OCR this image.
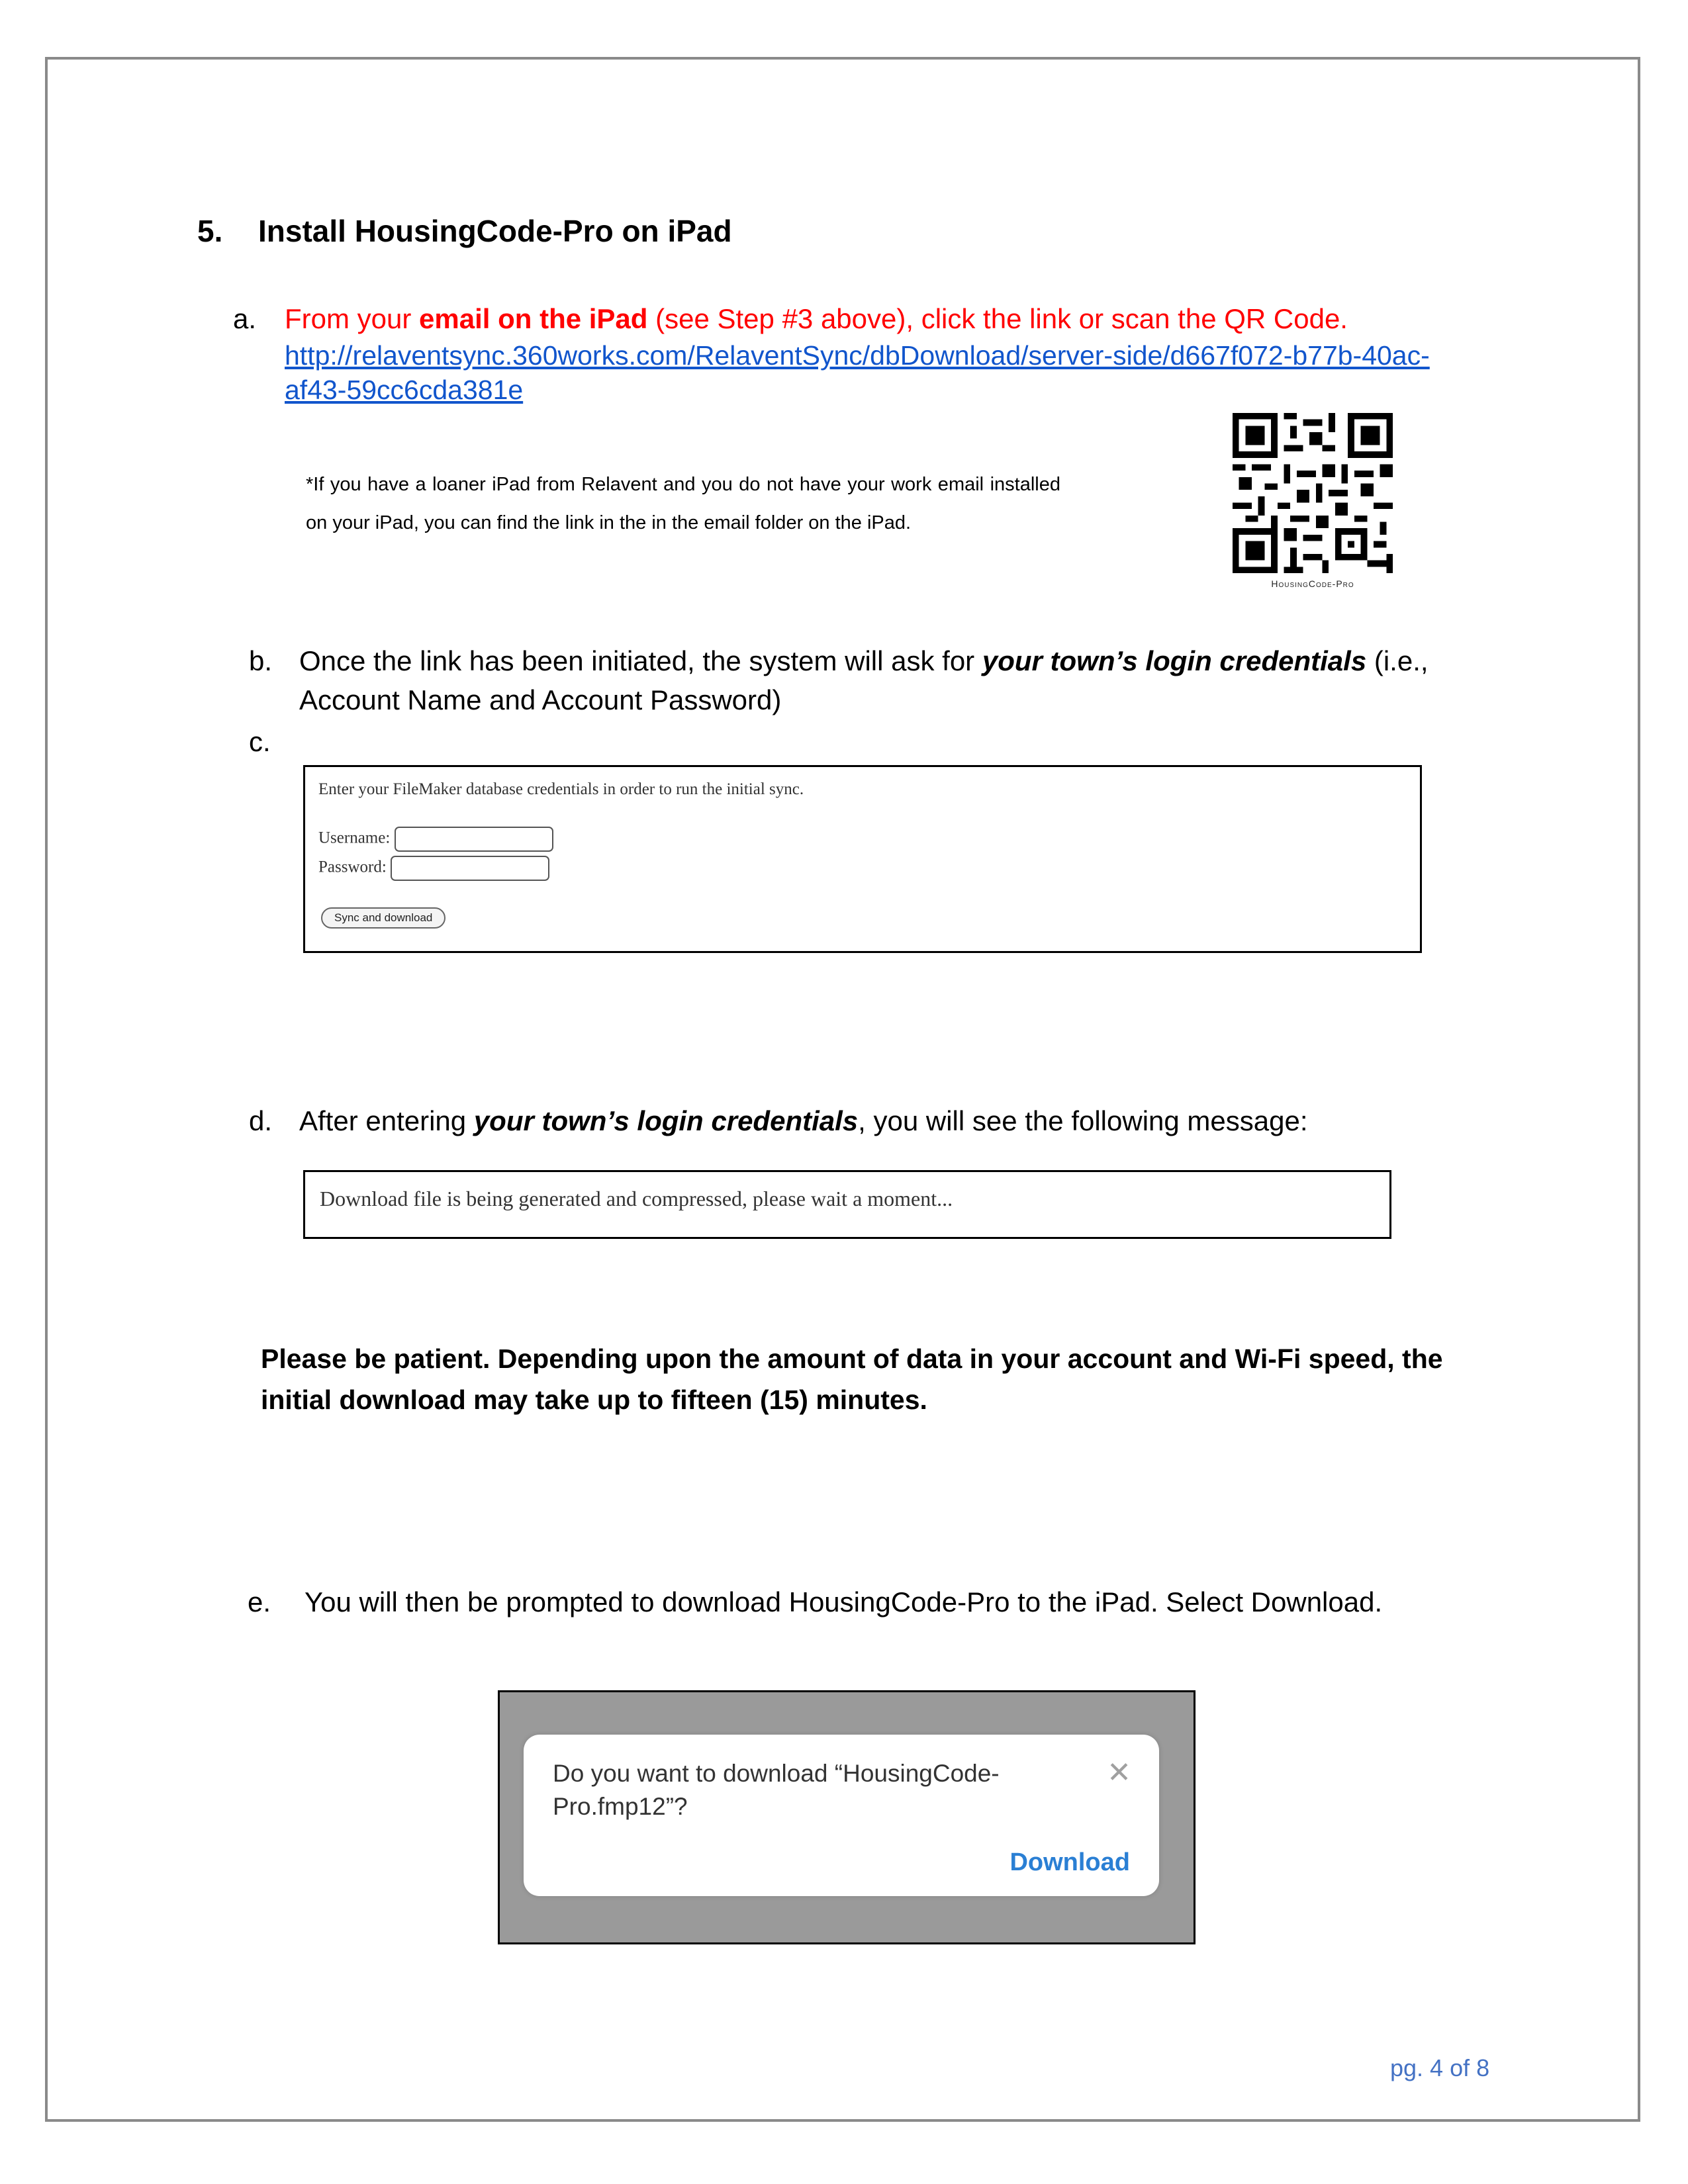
5. Install HousingCode-Pro on iPad
a. From your email on the iPad (see Step #3 above), click the link or scan the QR Code.
http://relaventsync.360works.com/RelaventSync/dbDownload/server-side/d667f072-b77b-40ac-
af43-59cc6cda381e
*If you have a loaner iPad from Relavent and you do not have your work email installed on your iPad, you can find the link in the in the email folder on the iPad.
HousingCode-Pro
b. Once the link has been initiated, the system will ask for your town’s login credentials (i.e.,
Account Name and Account Password)
c.
Enter your FileMaker database credentials in order to run the initial sync.
Username:
Password:
Sync and download
d. After entering your town’s login credentials, you will see the following message:
Download file is being generated and compressed, please wait a moment...
Please be patient. Depending upon the amount of data in your account and Wi-Fi speed, the
initial download may take up to fifteen (15) minutes.
e. You will then be prompted to download HousingCode-Pro to the iPad. Select Download.
Do you want to download “HousingCode-
Pro.fmp12”?
✕
Download
pg. 4 of 8
